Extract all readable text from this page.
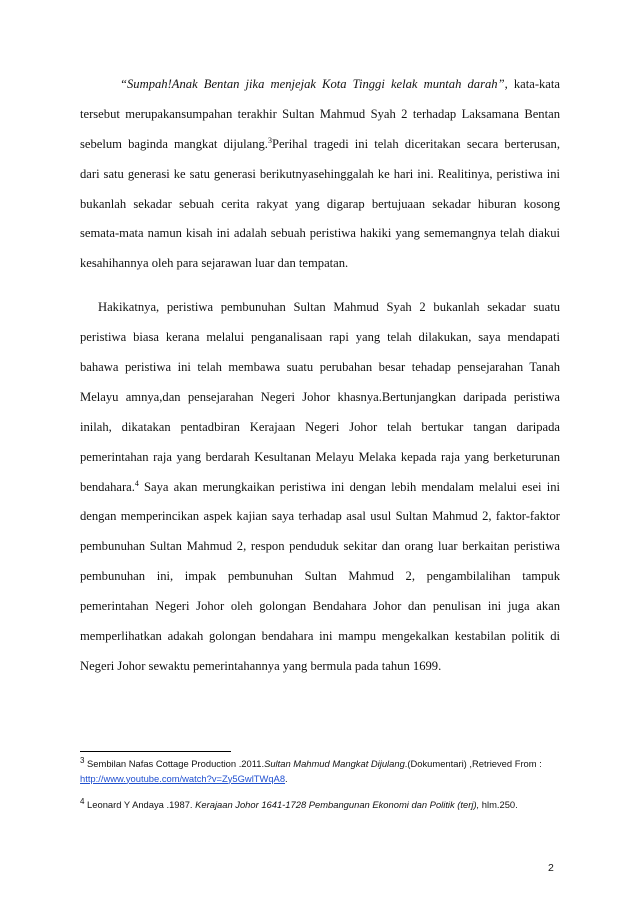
“Sumpah!Anak Bentan jika menjejak Kota Tinggi kelak muntah darah”, kata-kata
tersebut merupakansumpahan terakhir Sultan Mahmud Syah 2 terhadap Laksamana Bentan
sebelum baginda mangkat dijulang.$^3$Perihal tragedi ini telah diceritakan secara berterusan,
dari satu generasi ke satu generasi berikutnyasehinggalah ke hari ini. Realitinya, peristiwa ini
bukanlah sekadar sebuah cerita rakyat yang digarap bertujuaan sekadar hiburan kosong
semata-mata namun kisah ini adalah sebuah peristiwa hakiki yang sememangnya telah diakui
kesahihannya oleh para sejarawan luar dan tempatan.
Hakikatnya, peristiwa pembunuhan Sultan Mahmud Syah 2 bukanlah sekadar suatu
peristiwa biasa kerana melalui penganalisaan rapi yang telah dilakukan, saya mendapati
bahawa peristiwa ini telah membawa suatu perubahan besar tehadap pensejarahan Tanah
Melayu amnya,dan pensejarahan Negeri Johor khasnya.Bertunjangkan daripada peristiwa
inilah, dikatakan pentadbiran Kerajaan Negeri Johor telah bertukar tangan daripada
pemerintahan raja yang berdarah Kesultanan Melayu Melaka kepada raja yang berketurunan
bendahara.$^4$ Saya akan merungkaikan peristiwa ini dengan lebih mendalam melalui esei ini
dengan memperincikan aspek kajian saya terhadap asal usul Sultan Mahmud 2, faktor-faktor
pembunuhan Sultan Mahmud 2, respon penduduk sekitar dan orang luar berkaitan peristiwa
pembunuhan ini, impak pembunuhan Sultan Mahmud 2, pengambilalihan tampuk
pemerintahan Negeri Johor oleh golongan Bendahara Johor dan penulisan ini juga akan
memperlihatkan adakah golongan bendahara ini mampu mengekalkan kestabilan politik di
Negeri Johor sewaktu pemerintahannya yang bermula pada tahun 1699.

$^3$ Sembilan Nafas Cottage Production .2011.Sultan Mahmud Mangkat Dijulang.(Dokumentari) ,Retrieved From :
http://www.youtube.com/watch?v=Zy5GwlTWqA8.

$^4$ Leonard Y Andaya .1987. Kerajaan Johor 1641-1728 Pembangunan Ekonomi dan Politik (terj), hlm.250.

2
